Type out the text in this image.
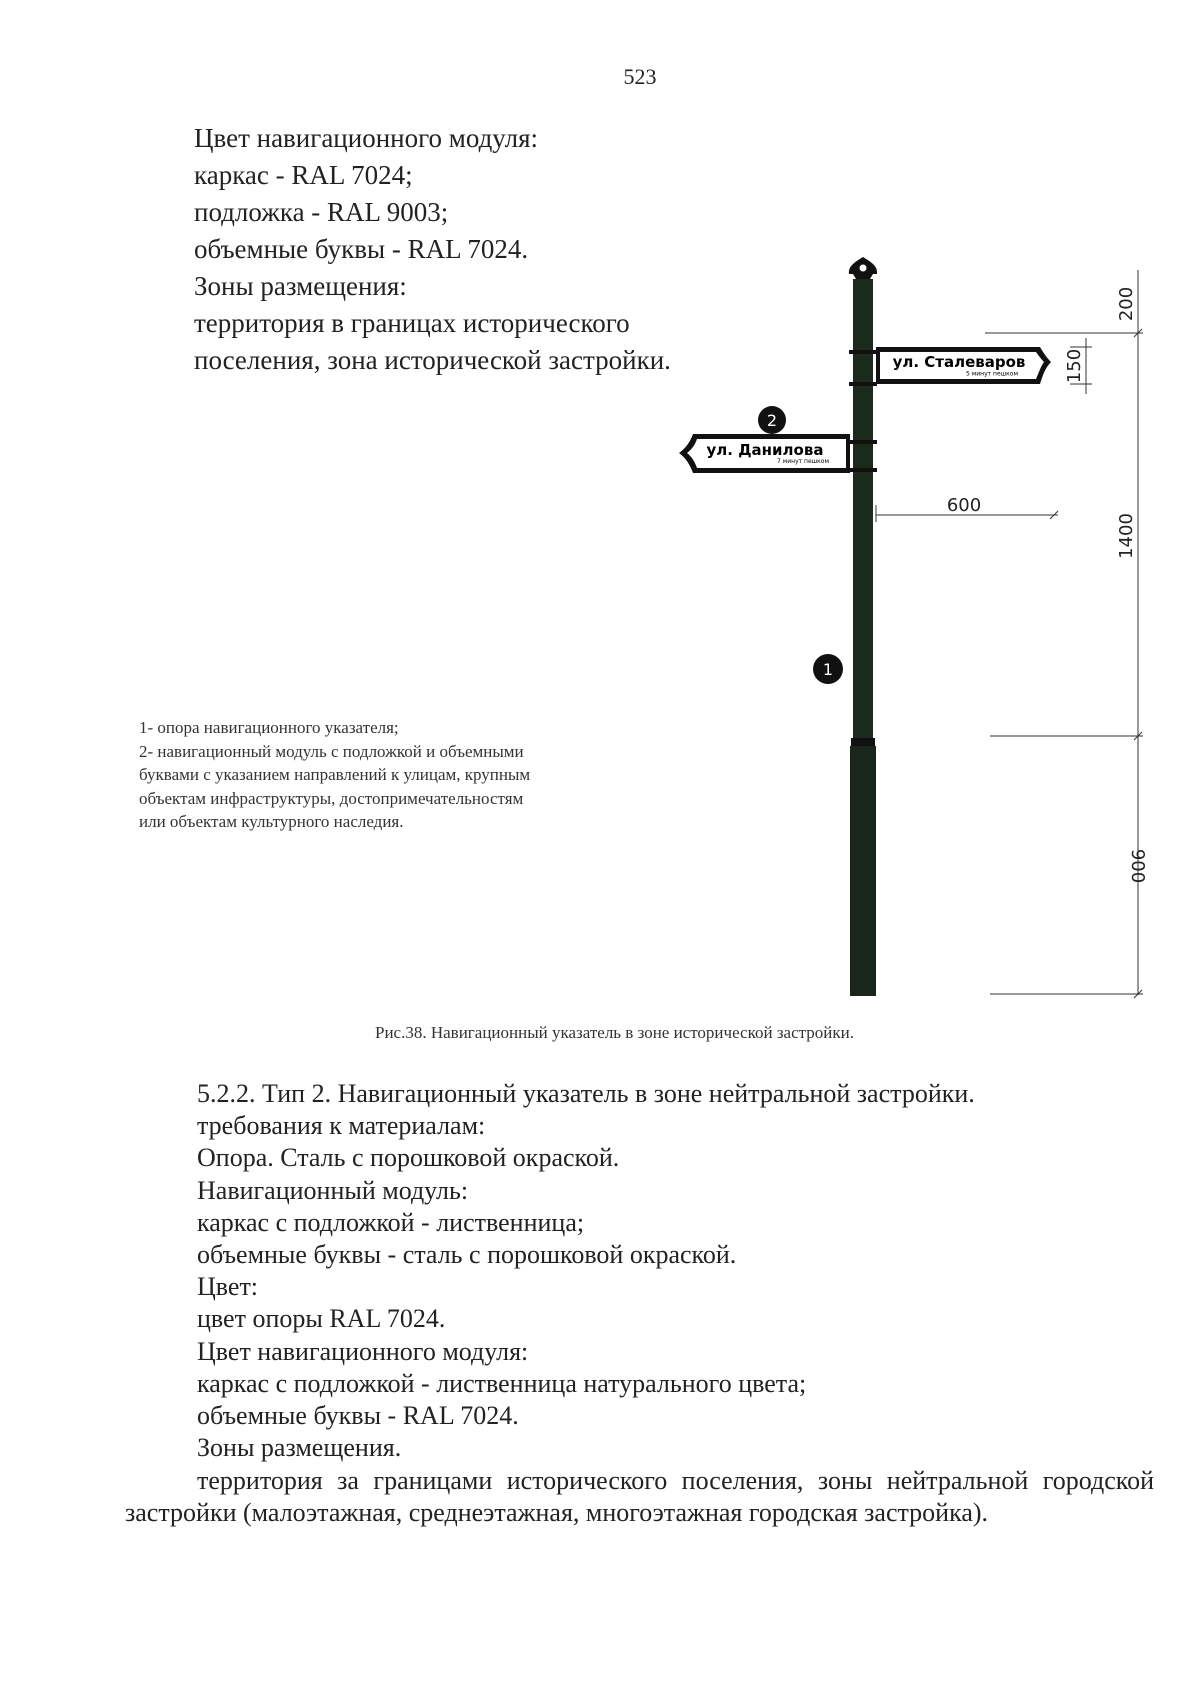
523
Цвет навигационного модуля:
каркас - RAL 7024;
подложка - RAL 9003;
объемные буквы - RAL 7024.
Зоны размещения:
территория в границах исторического
поселения, зона исторической застройки.	ул. Сталеваров
5 минут пешком
ул. Данилова
7 минут пешком
2
1
200
150
600
1400
900
1- опора навигационного указателя;
2- навигационный модуль с подложкой и объемными
буквами с указанием направлений к улицам, крупным
объектам инфраструктуры, достопримечательностям
или объектам культурного наследия.
Рис.38. Навигационный указатель в зоне исторической застройки.
5.2.2. Тип 2. Навигационный указатель в зоне нейтральной застройки.
требования к материалам:
Опора. Сталь с порошковой окраской.
Навигационный модуль:
каркас с подложкой - лиственница;
объемные буквы - сталь с порошковой окраской.
Цвет:
цвет опоры RAL 7024.
Цвет навигационного модуля:
каркас с подложкой - лиственница натурального цвета;
объемные буквы - RAL 7024.
Зоны размещения.
территория за границами исторического поселения, зоны нейтральной городской застройки (малоэтажная, среднеэтажная, многоэтажная городская застройка).
